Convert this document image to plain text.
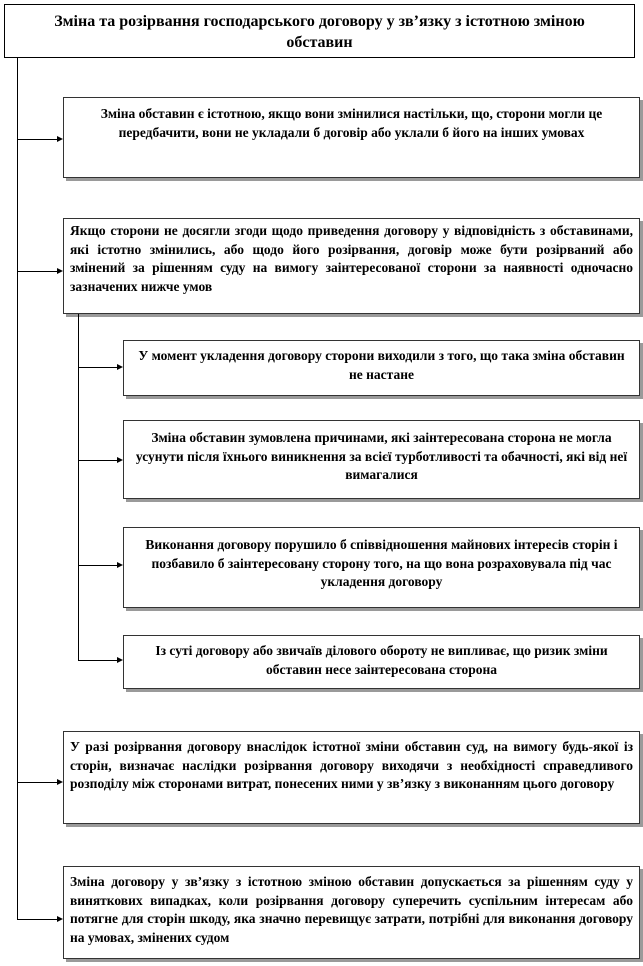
Зміна та розірвання господарського договору у зв’язку з істотною зміною обставин
Зміна обставин є істотною, якщо вони змінилися настільки, що, сторони могли це передбачити, вони не укладали б договір або уклали б його на інших умовах
Якщо сторони не досягли згоди щодо приведення договору у відповідність з обставинами, які істотно змінились, або щодо його розірвання, договір може бути розірваний або змінений за рішенням суду на вимогу заінтересованої сторони за наявності одночасно зазначених нижче умов
У момент укладення договору сторони виходили з того, що така зміна обставин не настане
Зміна обставин зумовлена причинами, які заінтересована сторона не могла усунути після їхнього виникнення за всієї турботливості та обачності, які від неї вимагалися
Виконання договору порушило б співвідношення майнових інтересів сторін і позбавило б заінтересовану сторону того, на що вона розраховувала під час укладення договору
Із суті договору або звичаїв ділового обороту не випливає, що ризик зміни обставин несе заінтересована сторона
У разі розірвання договору внаслідок істотної зміни обставин суд, на вимогу будь-якої із сторін, визначає наслідки розірвання договору виходячи з необхідності справедливого розподілу між сторонами витрат, понесених ними у зв’язку з виконанням цього договору
Зміна договору у зв’язку з істотною зміною обставин допускається за рішенням суду у виняткових випадках, коли розірвання договору суперечить суспільним інтересам або потягне для сторін шкоду, яка значно перевищує затрати, потрібні для виконання договору на умовах, змінених судом
